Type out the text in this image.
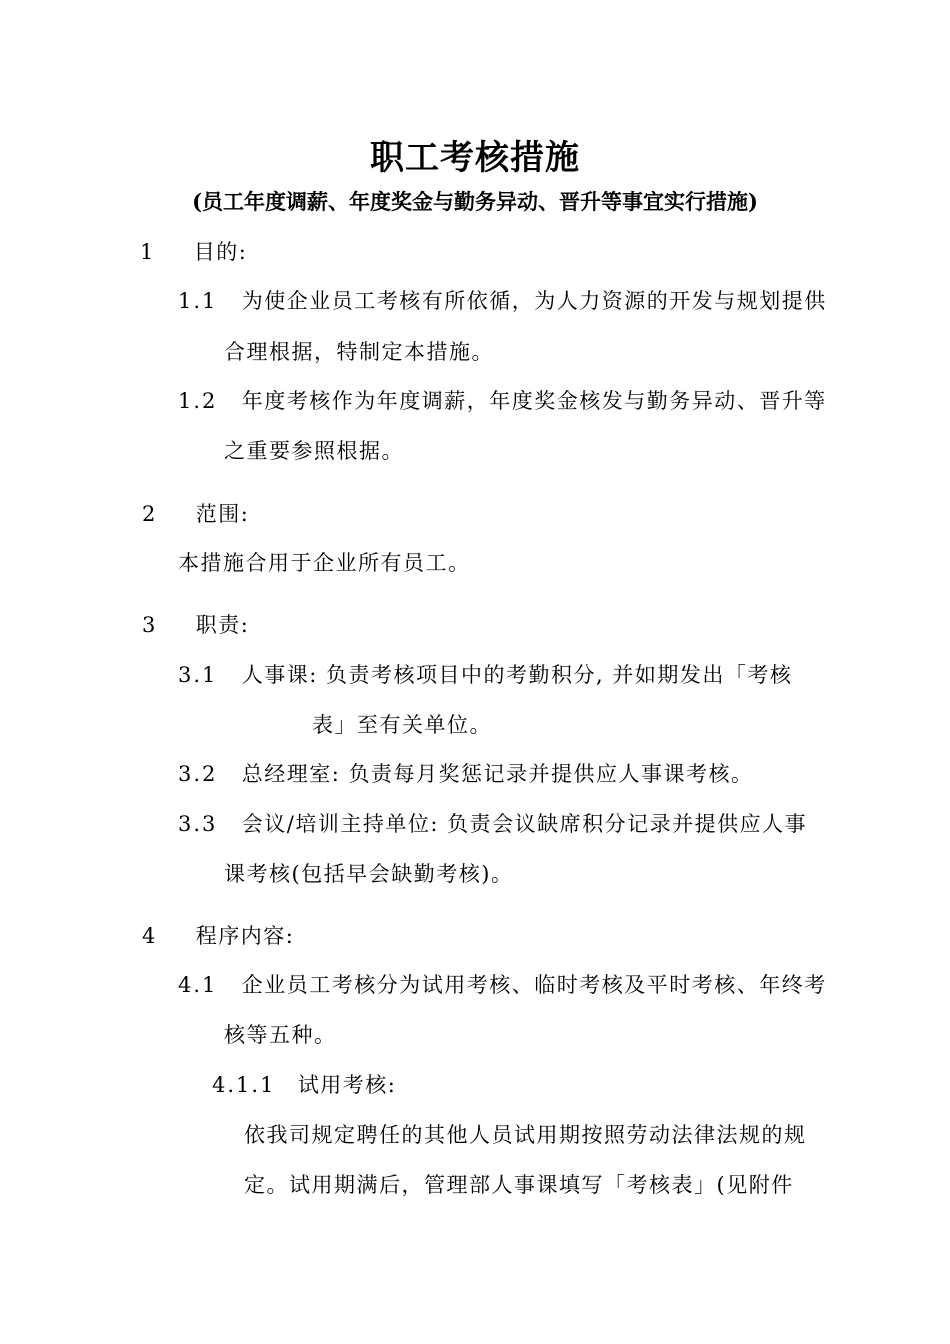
职工考核措施
(员工年度调薪、年度奖金与勤务异动、晋升等事宜实行措施)
1 目的:
1.1 为使企业员工考核有所依循，为人力资源的开发与规划提供
合理根据，特制定本措施。
1.2 年度考核作为年度调薪，年度奖金核发与勤务异动、晋升等
之重要参照根据。
2 范围:
本措施合用于企业所有员工。
3 职责:
3.1 人事课: 负责考核项目中的考勤积分, 并如期发出「考核
表」至有关单位。
3.2 总经理室: 负责每月奖惩记录并提供应人事课考核。
3.3 会议/培训主持单位: 负责会议缺席积分记录并提供应人事
课考核(包括早会缺勤考核)。
4 程序内容:
4.1 企业员工考核分为试用考核、临时考核及平时考核、年终考
核等五种。
4.1.1 试用考核:
依我司规定聘任的其他人员试用期按照劳动法律法规的规
定。试用期满后，管理部人事课填写「考核表」(见附件
